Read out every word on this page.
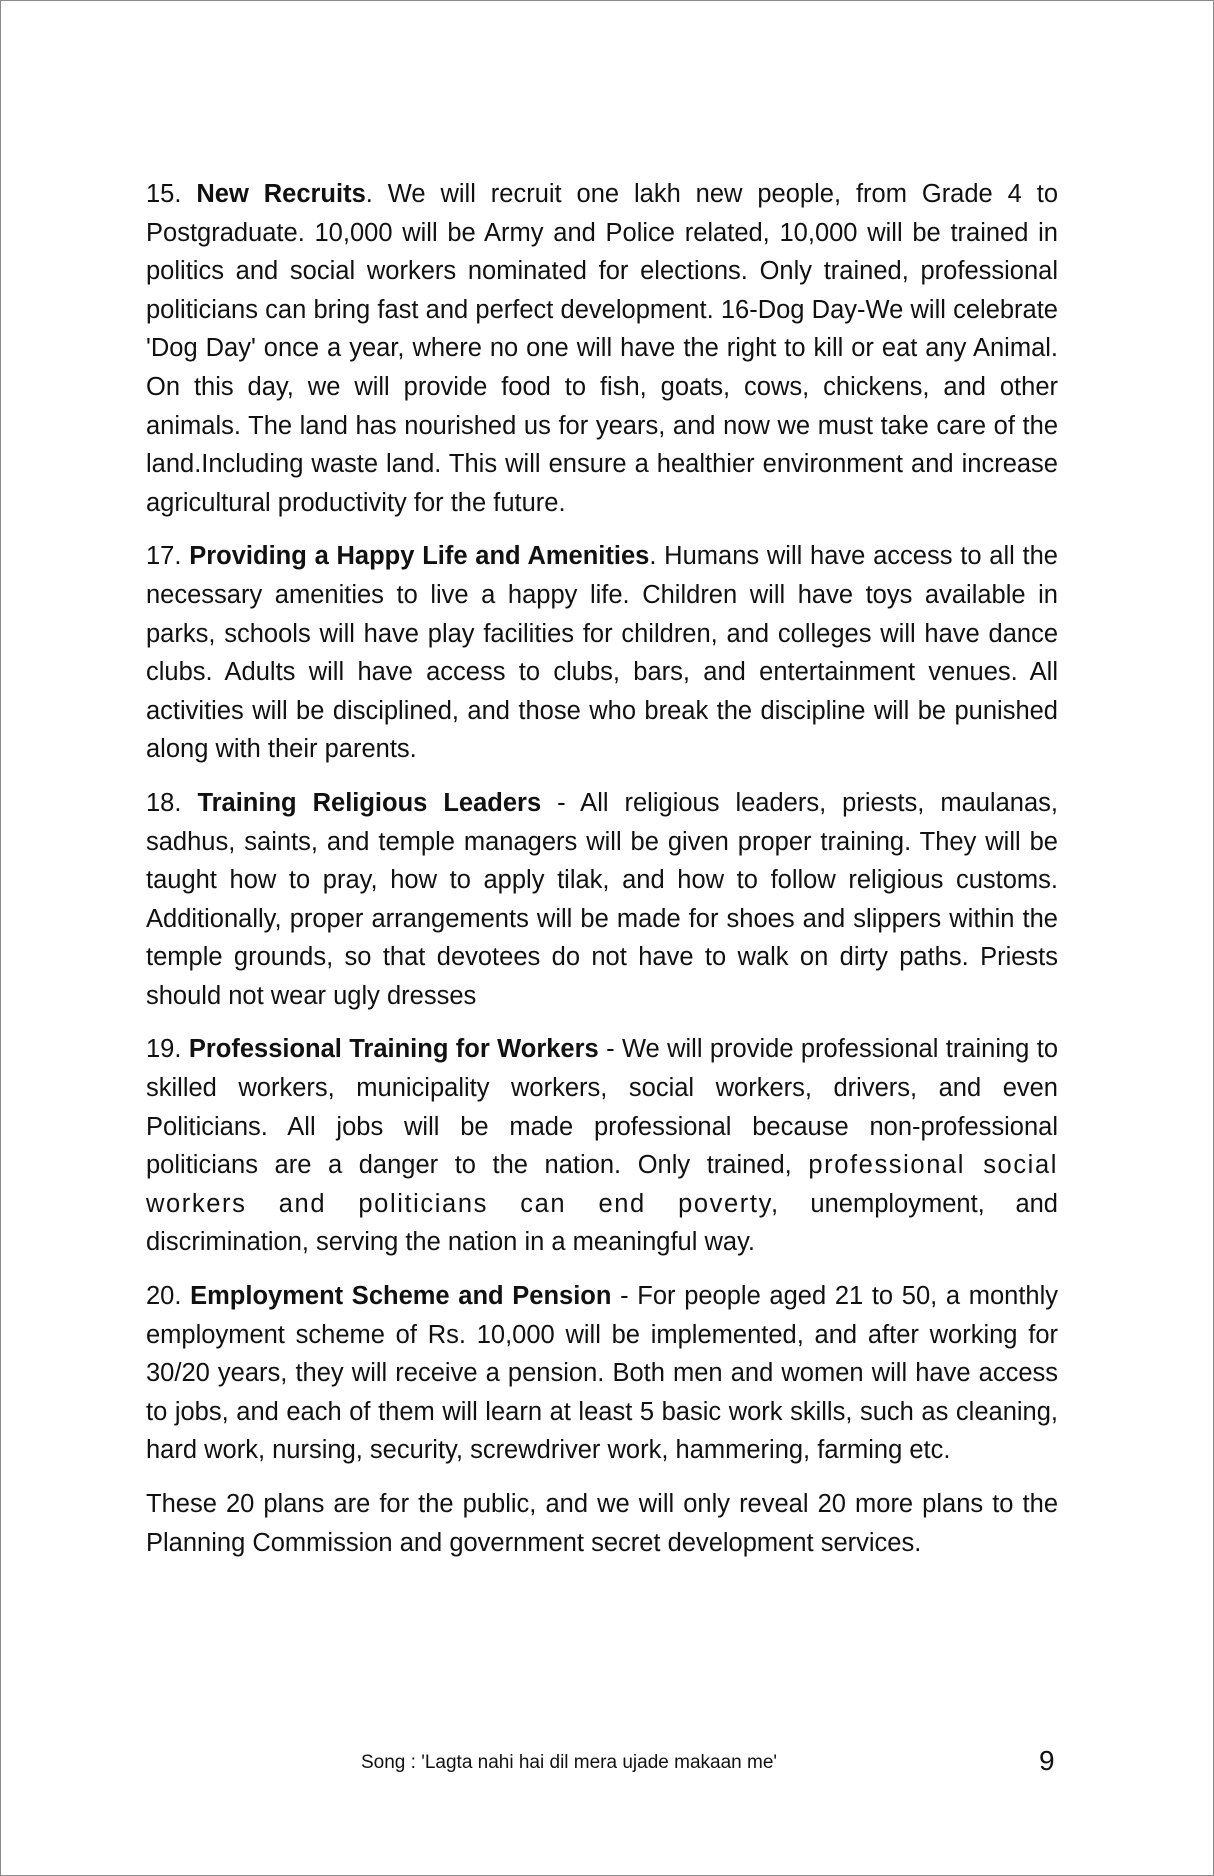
15. New Recruits. We will recruit one lakh new people, from Grade 4 to Postgraduate. 10,000 will be Army and Police related, 10,000 will be trained in politics and social workers nominated for elections. Only trained, professional politicians can bring fast and perfect development. 16-Dog Day-We will celebrate 'Dog Day' once a year, where no one will have the right to kill or eat any Animal. On this day, we will provide food to fish, goats, cows, chickens, and other animals. The land has nourished us for years, and now we must take care of the land.Including waste land. This will ensure a healthier environment and increase agricultural productivity for the future.

17. Providing a Happy Life and Amenities. Humans will have access to all the necessary amenities to live a happy life. Children will have toys available in parks, schools will have play facilities for children, and colleges will have dance clubs. Adults will have access to clubs, bars, and entertainment venues. All activities will be disciplined, and those who break the discipline will be punished along with their parents.

18. Training Religious Leaders - All religious leaders, priests, maulanas, sadhus, saints, and temple managers will be given proper training. They will be taught how to pray, how to apply tilak, and how to follow religious customs. Additionally, proper arrangements will be made for shoes and slippers within the temple grounds, so that devotees do not have to walk on dirty paths. Priests should not wear ugly dresses

19. Professional Training for Workers - We will provide professional training to skilled workers, municipality workers, social workers, drivers, and even Politicians. All jobs will be made professional because non-professional politicians are a danger to the nation. Only trained, professional social workers and politicians can end poverty, unemployment, and discrimination, serving the nation in a meaningful way.

20. Employment Scheme and Pension - For people aged 21 to 50, a monthly employment scheme of Rs. 10,000 will be implemented, and after working for 30/20 years, they will receive a pension. Both men and women will have access to jobs, and each of them will learn at least 5 basic work skills, such as cleaning, hard work, nursing, security, screwdriver work, hammering, farming etc.

These 20 plans are for the public, and we will only reveal 20 more plans to the Planning Commission and government secret development services.

Song : 'Lagta nahi hai dil mera ujade makaan me'	9
